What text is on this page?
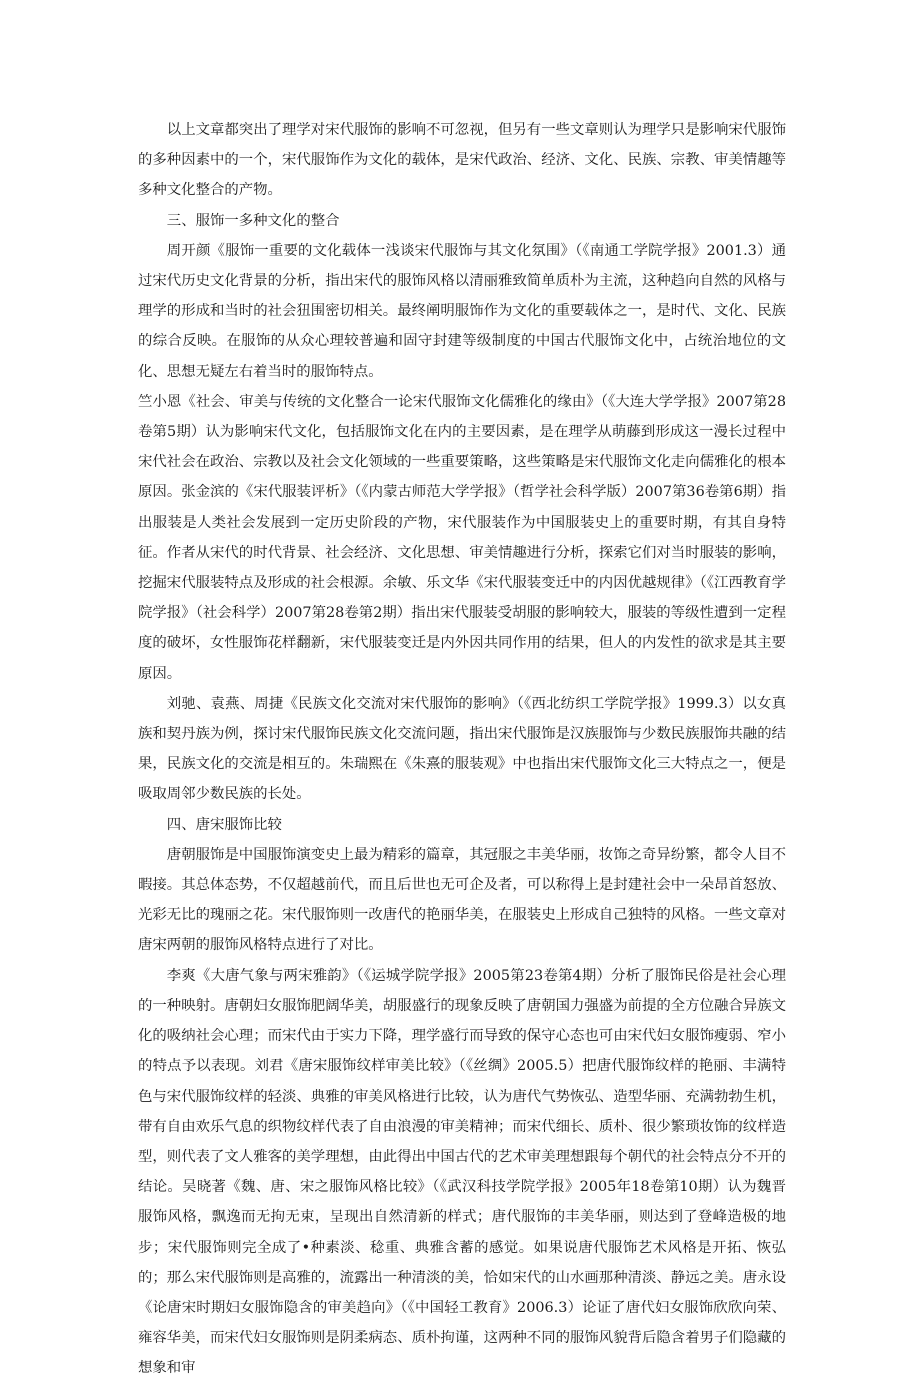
以上文章都突出了理学对宋代服饰的影响不可忽视，但另有一些文章则认为理学只是影响宋代服饰的多种因素中的一个，宋代服饰作为文化的载体，是宋代政治、经济、文化、民族、宗教、审美情趣等多种文化整合的产物。

三、服饰一多种文化的整合

周开颜《服饰一重要的文化载体一浅谈宋代服饰与其文化氛围》（《南通工学院学报》2001.3）通过宋代历史文化背景的分析，指出宋代的服饰风格以清丽雅致简单质朴为主流，这种趋向自然的风格与理学的形成和当时的社会狃围密切相关。最终阐明服饰作为文化的重要载体之一，是时代、文化、民族的综合反映。在服饰的从众心理较普遍和固守封建等级制度的中国古代服饰文化中，占统治地位的文化、思想无疑左右着当时的服饰特点。

竺小恩《社会、审美与传统的文化整合一论宋代服饰文化儒雅化的缘由》（《大连大学学报》2007第28卷第5期）认为影响宋代文化，包括服饰文化在内的主要因素，是在理学从萌藤到形成这一漫长过程中宋代社会在政治、宗教以及社会文化领域的一些重要策略，这些策略是宋代服饰文化走向儒雅化的根本原因。张金滨的《宋代服装评析》（《内蒙古师范大学学报》（哲学社会科学版）2007第36卷第6期）指出服装是人类社会发展到一定历史阶段的产物，宋代服装作为中国服装史上的重要时期，有其自身特征。作者从宋代的时代背景、社会经济、文化思想、审美情趣进行分析，探索它们对当时服装的影响，挖掘宋代服装特点及形成的社会根源。余敏、乐文华《宋代服装变迁中的内因优越规律》（《江西教育学院学报》（社会科学）2007第28卷第2期）指出宋代服装受胡服的影响较大，服装的等级性遭到一定程度的破坏，女性服饰花样翻新，宋代服装变迁是内外因共同作用的结果，但人的内发性的欲求是其主要原因。

刘驰、袁燕、周捷《民族文化交流对宋代服饰的影响》（《西北纺织工学院学报》1999.3）以女真族和契丹族为例，探讨宋代服饰民族文化交流问题，指出宋代服饰是汉族服饰与少数民族服饰共融的结果，民族文化的交流是相互的。朱瑞熙在《朱熹的服装观》中也指出宋代服饰文化三大特点之一，便是吸取周邻少数民族的长处。

四、唐宋服饰比较

唐朝服饰是中国服饰演变史上最为精彩的篇章，其冠服之丰美华丽，妆饰之奇异纷繁，都令人目不暇接。其总体态势，不仅超越前代，而且后世也无可企及者，可以称得上是封建社会中一朵昂首怒放、光彩无比的瑰丽之花。宋代服饰则一改唐代的艳丽华美，在服装史上形成自己独特的风格。一些文章对唐宋两朝的服饰风格特点进行了对比。

李爽《大唐气象与两宋雅韵》（《运城学院学报》2005第23卷第4期）分析了服饰民俗是社会心理的一种映射。唐朝妇女服饰肥阔华美，胡服盛行的现象反映了唐朝国力强盛为前提的全方位融合异族文化的吸纳社会心理；而宋代由于实力下降，理学盛行而导致的保守心态也可由宋代妇女服饰瘦弱、窄小的特点予以表现。刘君《唐宋服饰纹样审美比较》（《丝绸》2005.5）把唐代服饰纹样的艳丽、丰满特色与宋代服饰纹样的轻淡、典雅的审美风格进行比较，认为唐代气势恢弘、造型华丽、充满勃勃生机，带有自由欢乐气息的织物纹样代表了自由浪漫的审美精神；而宋代细长、质朴、很少繁琐妆饰的纹样造型，则代表了文人雅客的美学理想，由此得出中国古代的艺术审美理想跟每个朝代的社会特点分不开的结论。吴晓著《魏、唐、宋之服饰风格比较》（《武汉科技学院学报》2005年18卷第10期）认为魏晋服饰风格，飘逸而无拘无束，呈现出自然清新的样式；唐代服饰的丰美华丽，则达到了登峰造极的地步；宋代服饰则完全成了•种素淡、稔重、典雅含蓄的感觉。如果说唐代服饰艺术风格是开拓、恢弘的；那么宋代服饰则是高雅的，流露出一种清淡的美，恰如宋代的山水画那种清淡、静远之美。唐永设《论唐宋时期妇女服饰隐含的审美趋向》（《中国轻工教育》2006.3）论证了唐代妇女服饰欣欣向荣、雍容华美，而宋代妇女服饰则是阴柔病态、质朴拘谨，这两种不同的服饰风貌背后隐含着男子们隐藏的想象和审
